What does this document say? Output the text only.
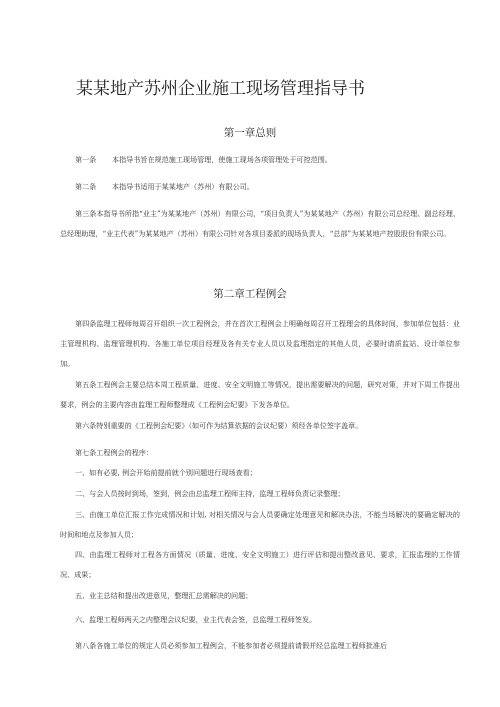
某某地产苏州企业施工现场管理指导书
第一章总则
第一条 本指导书旨在规范施工现场管理，使施工现场各项管理处于可控范围。
第二条 本指导书适用于某某地产（苏州）有限公司。
第三条本指导书所指“业主”为某某地产（苏州）有限公司，“项目负责人”为某某地产（苏州）有限公司总经理、副总经理、总经理助理，“业主代表”为某某地产（苏州）有限公司针对各项目委派的现场负责人，“总部”为某某地产控股股份有限公司。
第二章工程例会
第四条监理工程师每周召开组织一次工程例会，并在首次工程例会上明确每周召开工程理会的具体时间，参加单位包括：业主管理机构、监理管理机构、各施工单位项目经理及各有关专业人员以及监理指定的其他人员，必要时请质监站、设计单位参加。
第五条工程例会主要总结本周工程质量、进度、安全文明施工等情况，提出需要解决的问题，研究对策，并对下周工作提出要求，例会的主要内容由监理工程师整理成《工程例会纪要》下发各单位。
第六条特别重要的《工程例会纪要》（如可作为结算依据的会议纪要）须经各单位签字盖章。
第七条工程例会的程序：
一、如有必要, 例会开始前提前就个别问题进行现场查看；
二、与会人员按时到场，签到，例会由总监理工程师主持，监理工程师负责记录整理；
三、由施工单位汇报工作完成情况和计划, 对相关情况与会人员要确定处理意见和解决办法，不能当场解决的要确定解决的时间和地点及参加人员；
四、由监理工程师对工程各方面情况（质量、进度、安全文明施工）进行评估和提出整改意见、要求，汇报监理的工作情况、成果；
五、业主总结和提出改进意见，整理汇总需解决的问题；
六、监理工程师两天之内整理会议纪要，业主代表会签，总监理工程师签发。
第八条各施工单位的规定人员必须参加工程例会，不能参加者必须提前请假并经总监理工程师批准后
